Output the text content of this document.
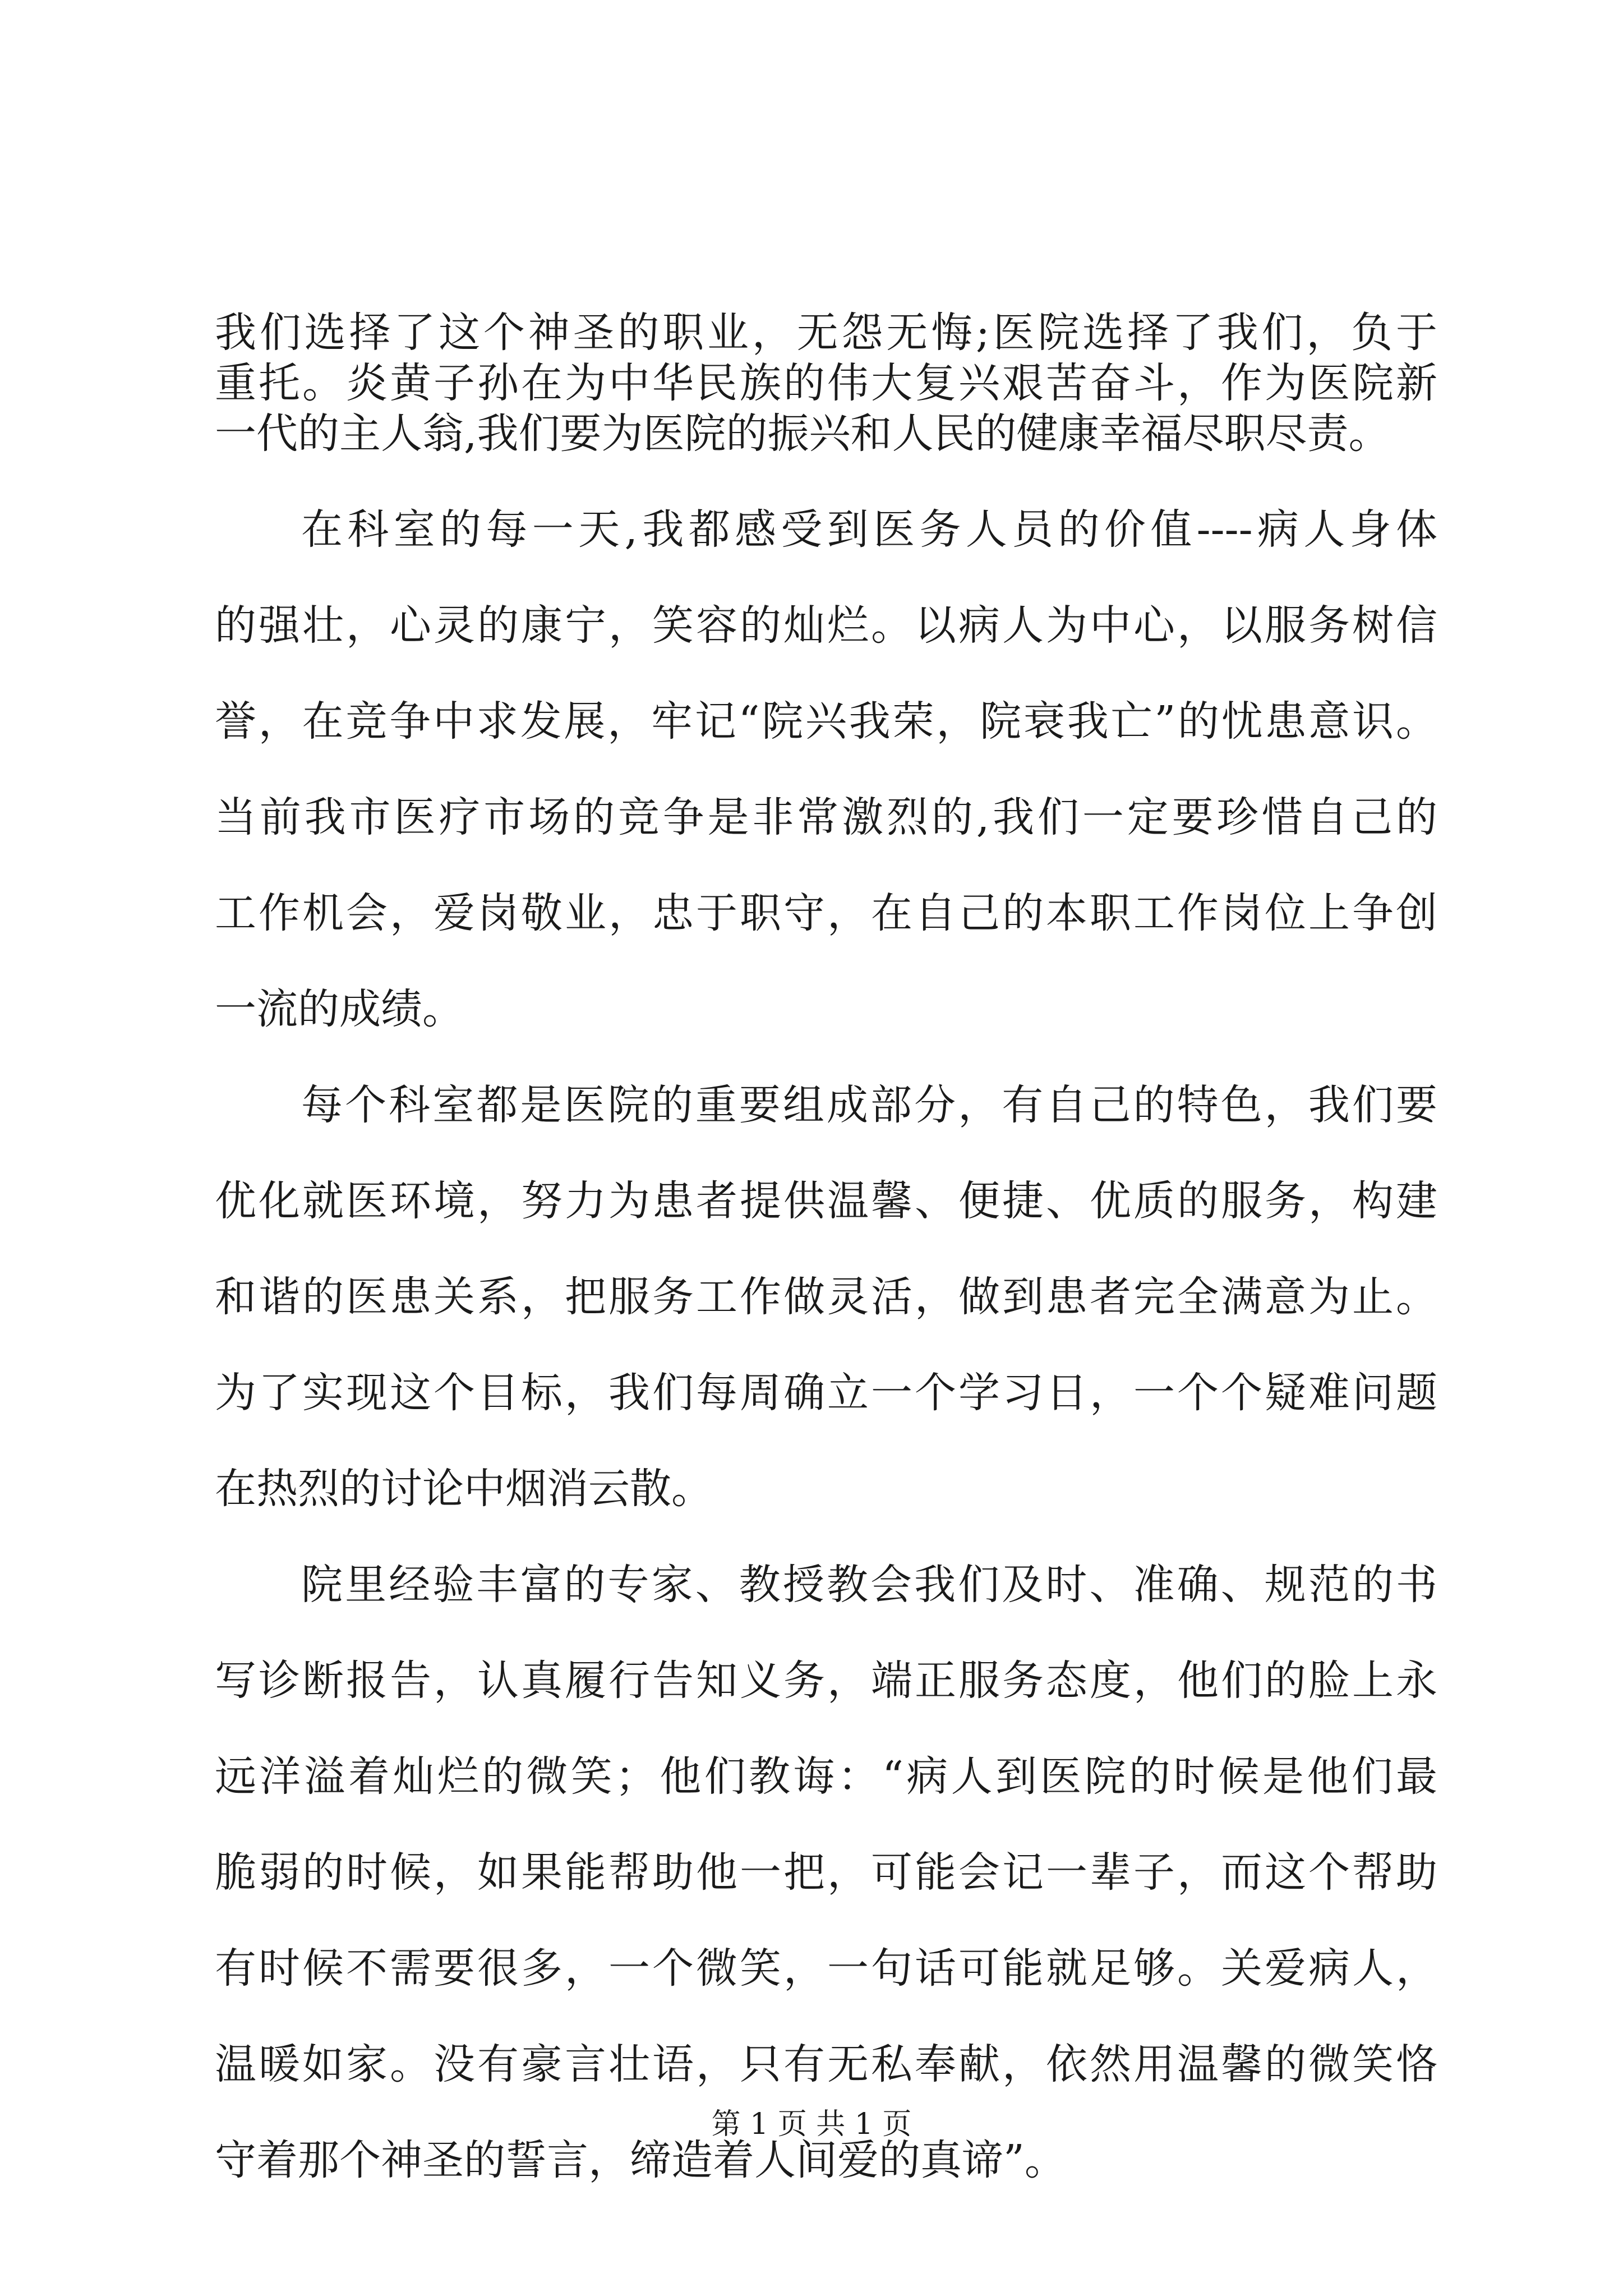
我们选择了这个神圣的职业，无怨无悔;医院选择了我们，负于
重托。炎黄子孙在为中华民族的伟大复兴艰苦奋斗，作为医院新
一代的主人翁,我们要为医院的振兴和人民的健康幸福尽职尽责。
在科室的每一天,我都感受到医务人员的价值----病人身体
的强壮，心灵的康宁，笑容的灿烂。以病人为中心，以服务树信
誉，在竞争中求发展，牢记“院兴我荣，院衰我亡”的忧患意识。
当前我市医疗市场的竞争是非常激烈的,我们一定要珍惜自己的
工作机会，爱岗敬业，忠于职守，在自己的本职工作岗位上争创
一流的成绩。
每个科室都是医院的重要组成部分，有自己的特色，我们要
优化就医环境，努力为患者提供温馨、便捷、优质的服务，构建
和谐的医患关系，把服务工作做灵活，做到患者完全满意为止。
为了实现这个目标，我们每周确立一个学习日，一个个疑难问题
在热烈的讨论中烟消云散。
院里经验丰富的专家、教授教会我们及时、准确、规范的书
写诊断报告，认真履行告知义务，端正服务态度，他们的脸上永
远洋溢着灿烂的微笑；他们教诲：“病人到医院的时候是他们最
脆弱的时候，如果能帮助他一把，可能会记一辈子，而这个帮助
有时候不需要很多，一个微笑，一句话可能就足够。关爱病人，
温暖如家。没有豪言壮语，只有无私奉献，依然用温馨的微笑恪
守着那个神圣的誓言，缔造着人间爱的真谛”。
第 1 页 共 1 页
